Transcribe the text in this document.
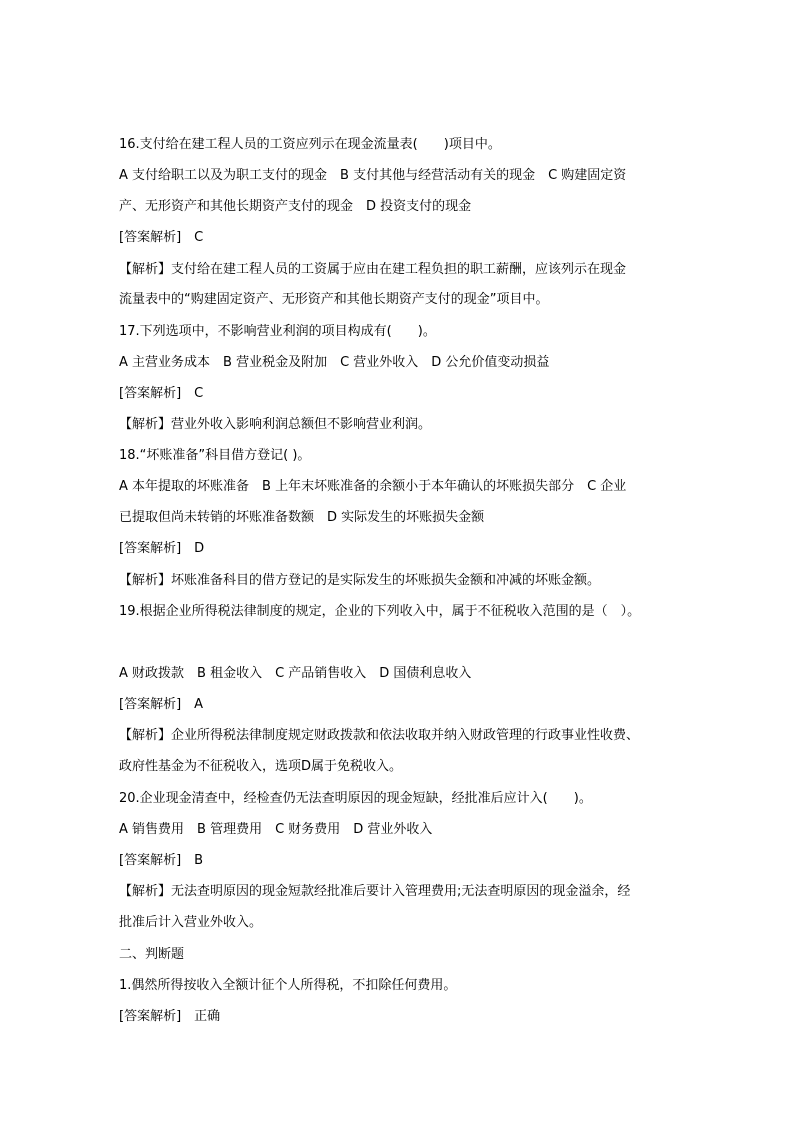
16.支付给在建工程人员的工资应列示在现金流量表(　　)项目中。
A 支付给职工以及为职工支付的现金　B 支付其他与经营活动有关的现金　C 购建固定资
产、无形资产和其他长期资产支付的现金　D 投资支付的现金
[答案解析]　C
【解析】支付给在建工程人员的工资属于应由在建工程负担的职工薪酬，应该列示在现金
流量表中的“购建固定资产、无形资产和其他长期资产支付的现金”项目中。
17.下列选项中，不影响营业利润的项目构成有(　　)。
A 主营业务成本　B 营业税金及附加　C 营业外收入　D 公允价值变动损益
[答案解析]　C
【解析】营业外收入影响利润总额但不影响营业利润。
18.“坏账准备”科目借方登记( )。
A 本年提取的坏账准备　B 上年末坏账准备的余额小于本年确认的坏账损失部分　C 企业
已提取但尚未转销的坏账准备数额　D 实际发生的坏账损失金额
[答案解析]　D
【解析】坏账准备科目的借方登记的是实际发生的坏账损失金额和冲减的坏账金额。
19.根据企业所得税法律制度的规定，企业的下列收入中，属于不征税收入范围的是（　）。
A 财政拨款　B 租金收入　C 产品销售收入　D 国债利息收入
[答案解析]　A
【解析】企业所得税法律制度规定财政拨款和依法收取并纳入财政管理的行政事业性收费、
政府性基金为不征税收入，选项D属于免税收入。
20.企业现金清查中，经检查仍无法查明原因的现金短缺，经批准后应计入(　　)。
A 销售费用　B 管理费用　C 财务费用　D 营业外收入
[答案解析]　B
【解析】无法查明原因的现金短款经批准后要计入管理费用;无法查明原因的现金溢余，经
批准后计入营业外收入。
二、判断题
1.偶然所得按收入全额计征个人所得税，不扣除任何费用。
[答案解析]　正确
